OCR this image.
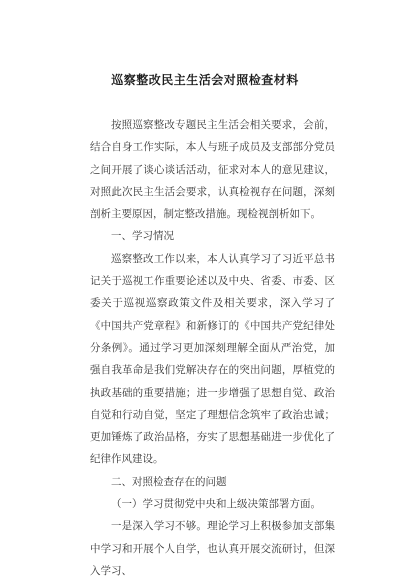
巡察整改民主生活会对照检查材料

按照巡察整改专题民主生活会相关要求，会前，结合自身工作实际，本人与班子成员及支部部分党员之间开展了谈心谈话活动，征求对本人的意见建议，对照此次民主生活会要求，认真检视存在问题，深刻剖析主要原因，制定整改措施。现检视剖析如下。

一、学习情况

巡察整改工作以来，本人认真学习了习近平总书记关于巡视工作重要论述以及中央、省委、市委、区委关于巡视巡察政策文件及相关要求，深入学习了《中国共产党章程》和新修订的《中国共产党纪律处分条例》。通过学习更加深刻理解全面从严治党，加强自我革命是我们党解决存在的突出问题，厚植党的执政基础的重要措施；进一步增强了思想自觉、政治自觉和行动自觉，坚定了理想信念筑牢了政治忠诚；更加锤炼了政治品格，夯实了思想基础进一步优化了纪律作风建设。

二、对照检查存在的问题

（一）学习贯彻党中央和上级决策部署方面。

一是深入学习不够。理论学习上积极参加支部集中学习和开展个人自学，也认真开展交流研讨，但深入学习、
